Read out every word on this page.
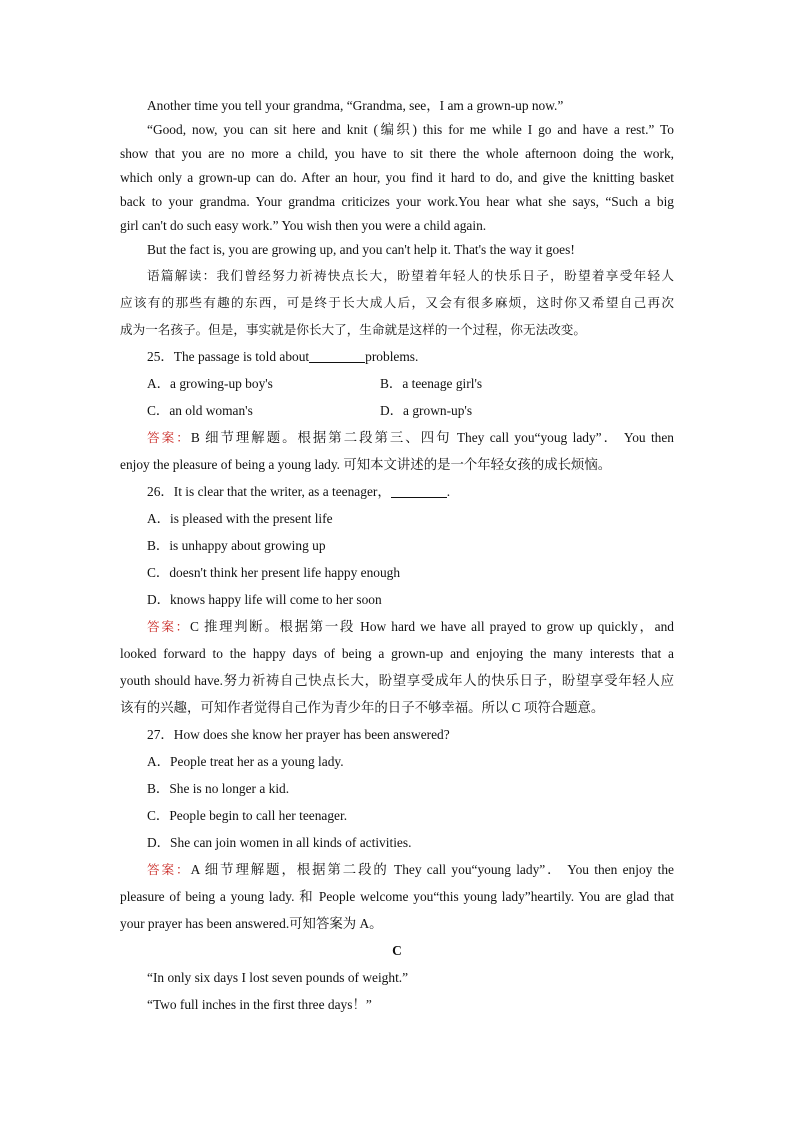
Another time you tell your grandma, “Grandma, see，I am a grown-up now.”
“Good, now, you can sit here and knit (编织) this for me while I go and have a rest.” To
show that you are no more a child, you have to sit there the whole afternoon doing the work,
which only a grown-up can do. After an hour, you find it hard to do, and give the knitting basket
back to your grandma. Your grandma criticizes your work.You hear what she says, “Such a big
girl can't do such easy work.” You wish then you were a child again.
But the fact is, you are growing up, and you can't help it. That's the way it goes!
语篇解读：我们曾经努力祈祷快点长大，盼望着年轻人的快乐日子，盼望着享受年轻人
应该有的那些有趣的东西，可是终于长大成人后，又会有很多麻烦，这时你又希望自己再次
成为一名孩子。但是，事实就是你长大了，生命就是这样的一个过程，你无法改变。
25．The passage is told about	problems.
A．a growing-up boy's	B．a teenage girl's
C．an old woman's	D．a grown-up's
答案：B 细节理解题。根据第二段第三、四句 They call you“youg lady”． You then
enjoy the pleasure of being a young lady. 可知本文讲述的是一个年轻女孩的成长烦恼。
26．It is clear that the writer, as a teenager，	.
A．is pleased with the present life
B．is unhappy about growing up
C．doesn't think her present life happy enough
D．knows happy life will come to her soon
答案：C 推理判断。根据第一段 How hard we have all prayed to grow up quickly，and
looked forward to the happy days of being a grown-up and enjoying the many interests that a
youth should have.努力祈祷自己快点长大，盼望享受成年人的快乐日子，盼望享受年轻人应
该有的兴趣，可知作者觉得自己作为青少年的日子不够幸福。所以 C 项符合题意。
27．How does she know her prayer has been answered?
A．People treat her as a young lady.
B．She is no longer a kid.
C．People begin to call her teenager.
D．She can join women in all kinds of activities.
答案：A 细节理解题，根据第二段的 They call you“young lady”． You then enjoy the
pleasure of being a young lady. 和 People welcome you“this young lady”heartily. You are glad that
your prayer has been answered.可知答案为 A。
C
“In only six days I lost seven pounds of weight.”
“Two full inches in the first three days！”
